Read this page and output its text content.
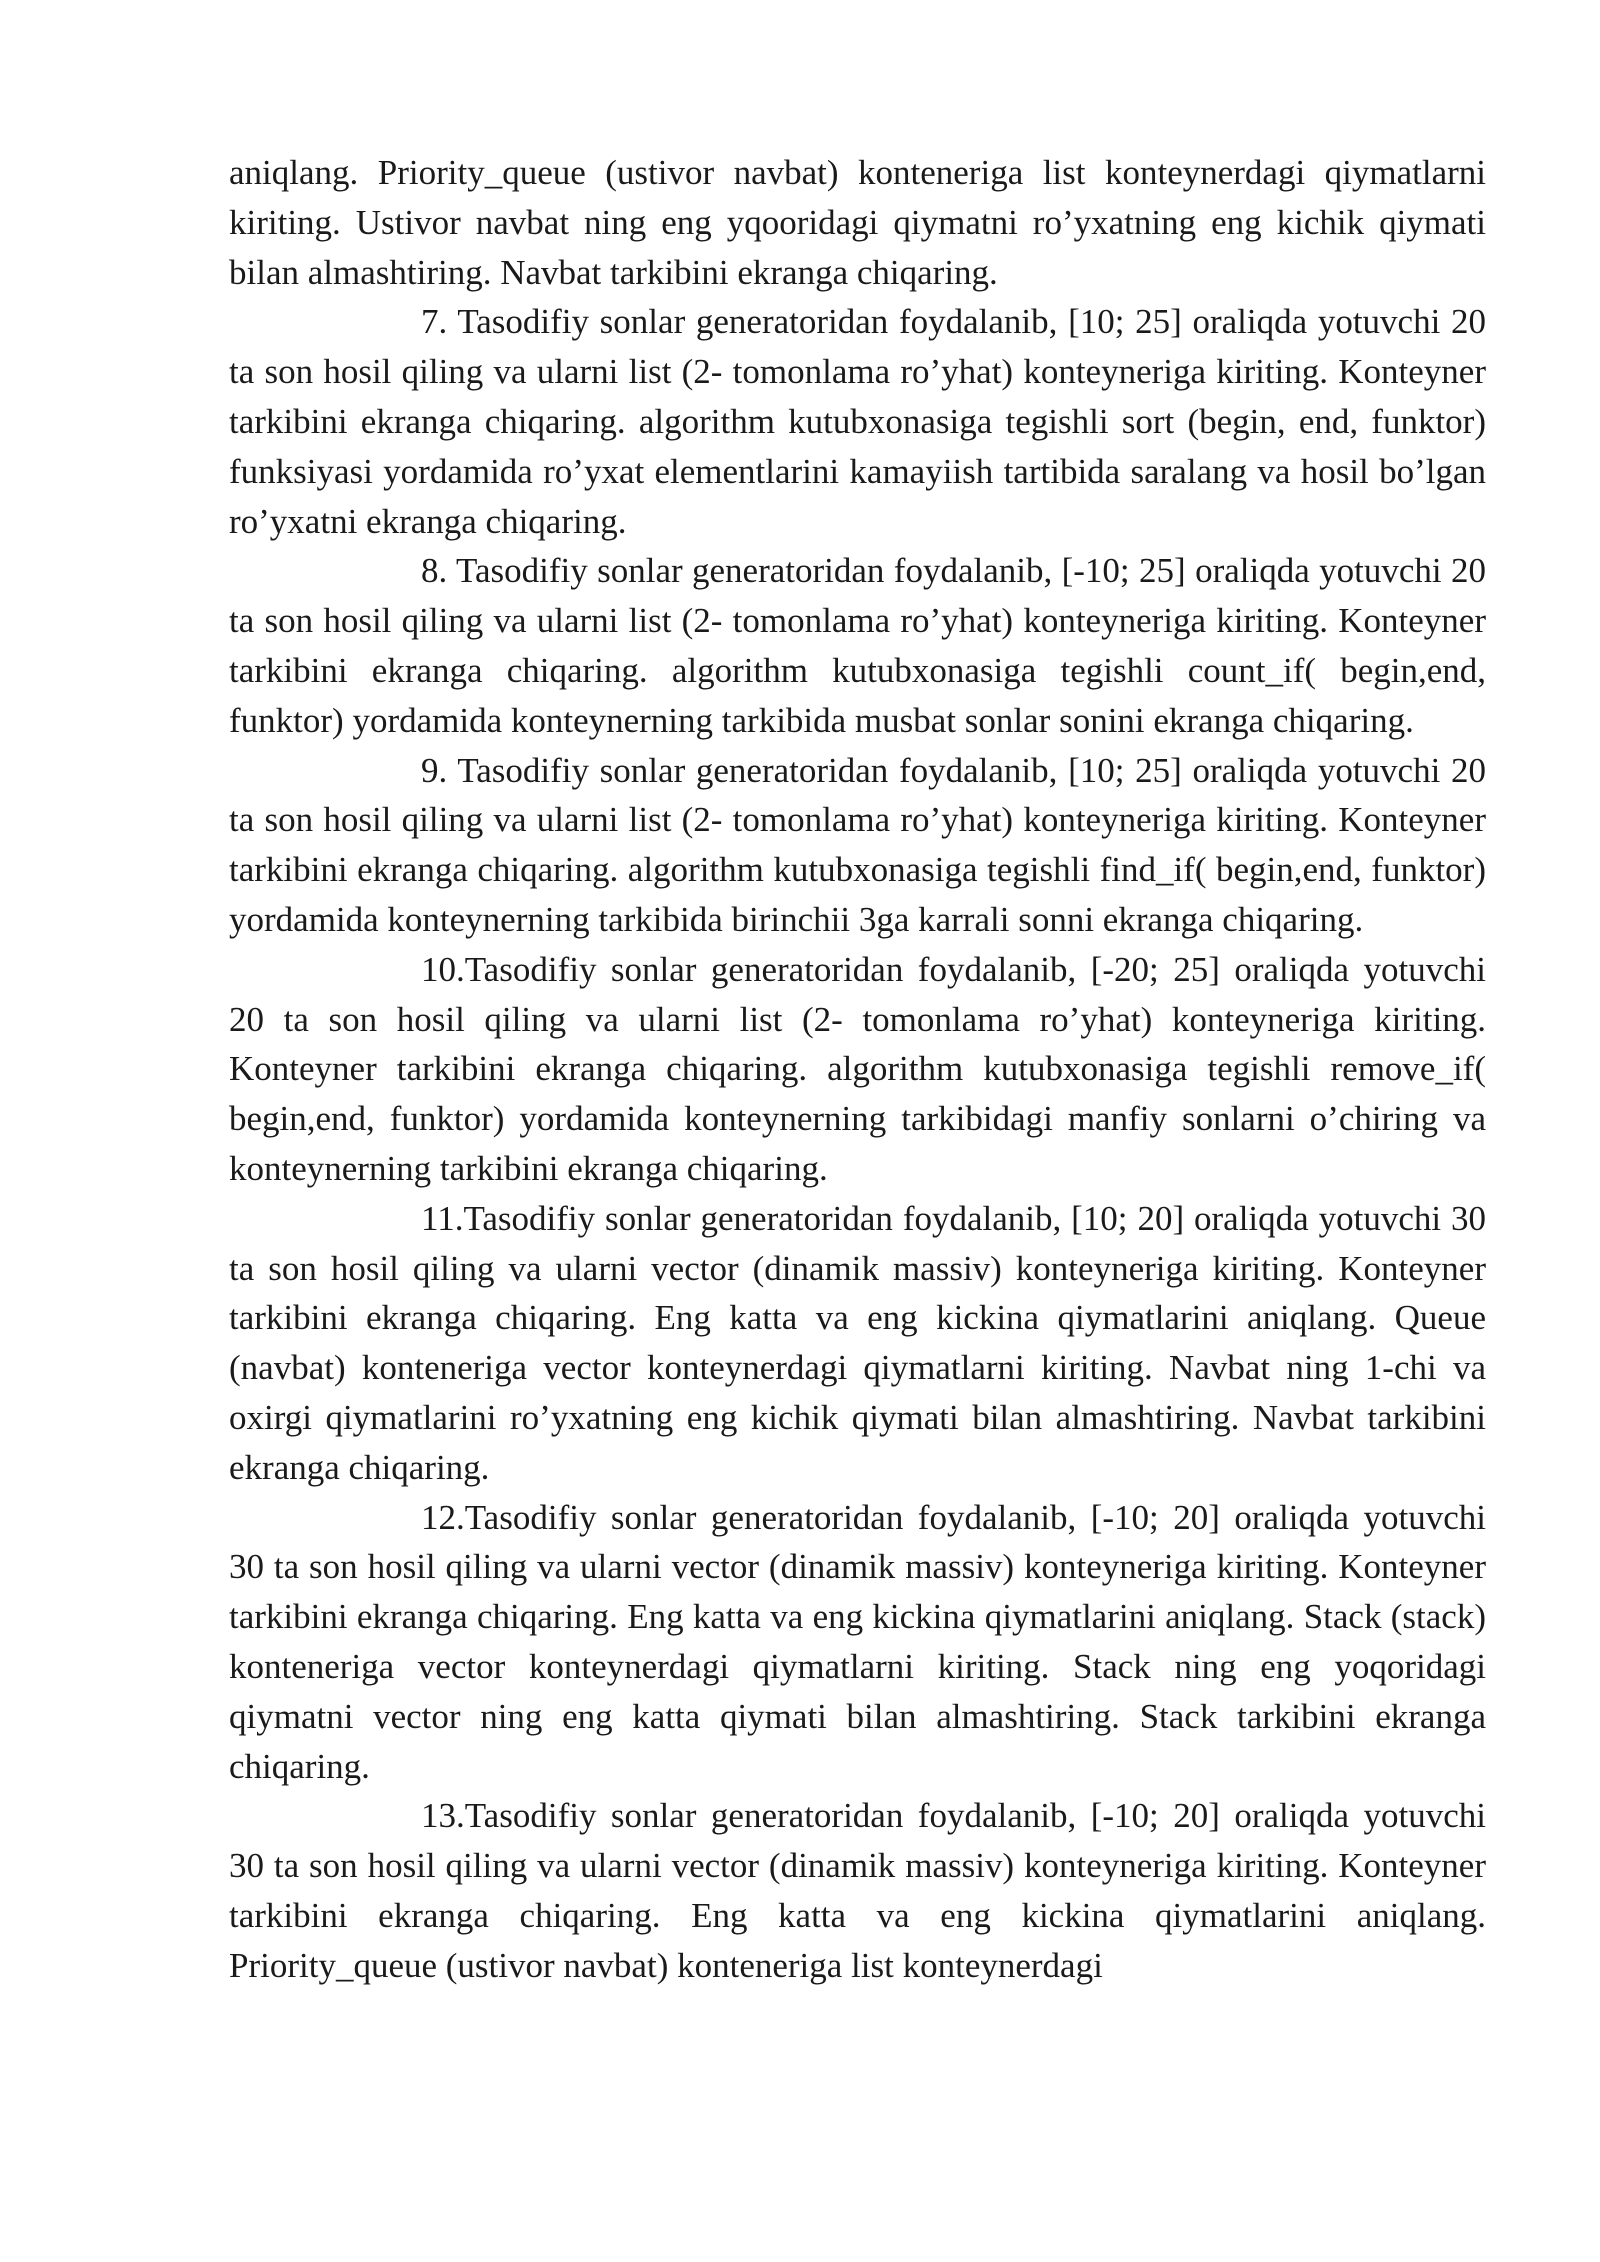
aniqlang. Priority_queue (ustivor navbat) konteneriga list konteynerdagi qiymatlarni kiriting. Ustivor navbat ning eng yqooridagi qiymatni ro’yxatning eng kichik qiymati bilan almashtiring. Navbat tarkibini ekranga chiqaring.

7. Tasodifiy sonlar generatoridan foydalanib, [10; 25] oraliqda yotuvchi 20 ta son hosil qiling va ularni list (2- tomonlama ro’yhat) konteyneriga kiriting. Konteyner tarkibini ekranga chiqaring. algorithm kutubxonasiga tegishli sort (begin, end, funktor) funksiyasi yordamida ro’yxat elementlarini kamayiish tartibida saralang va hosil bo’lgan ro’yxatni ekranga chiqaring.

8. Tasodifiy sonlar generatoridan foydalanib, [-10; 25] oraliqda yotuvchi 20 ta son hosil qiling va ularni list (2- tomonlama ro’yhat) konteyneriga kiriting. Konteyner tarkibini ekranga chiqaring. algorithm kutubxonasiga tegishli count_if( begin,end, funktor) yordamida konteynerning tarkibida musbat sonlar sonini ekranga chiqaring.

9. Tasodifiy sonlar generatoridan foydalanib, [10; 25] oraliqda yotuvchi 20 ta son hosil qiling va ularni list (2- tomonlama ro’yhat) konteyneriga kiriting. Konteyner tarkibini ekranga chiqaring. algorithm kutubxonasiga tegishli find_if( begin,end, funktor) yordamida konteynerning tarkibida birinchii 3ga karrali sonni ekranga chiqaring.

10.Tasodifiy sonlar generatoridan foydalanib, [-20; 25] oraliqda yotuvchi 20 ta son hosil qiling va ularni list (2- tomonlama ro’yhat) konteyneriga kiriting. Konteyner tarkibini ekranga chiqaring. algorithm kutubxonasiga tegishli remove_if( begin,end, funktor) yordamida konteynerning tarkibidagi manfiy sonlarni o’chiring va konteynerning tarkibini ekranga chiqaring.

11.Tasodifiy sonlar generatoridan foydalanib, [10; 20] oraliqda yotuvchi 30 ta son hosil qiling va ularni vector (dinamik massiv) konteyneriga kiriting. Konteyner tarkibini ekranga chiqaring. Eng katta va eng kickina qiymatlarini aniqlang. Queue (navbat) konteneriga vector konteynerdagi qiymatlarni kiriting. Navbat ning 1-chi va oxirgi qiymatlarini ro’yxatning eng kichik qiymati bilan almashtiring. Navbat tarkibini ekranga chiqaring.

12.Tasodifiy sonlar generatoridan foydalanib, [-10; 20] oraliqda yotuvchi 30 ta son hosil qiling va ularni vector (dinamik massiv) konteyneriga kiriting. Konteyner tarkibini ekranga chiqaring. Eng katta va eng kickina qiymatlarini aniqlang. Stack (stack) konteneriga vector konteynerdagi qiymatlarni kiriting. Stack ning eng yoqoridagi qiymatni vector ning eng katta qiymati bilan almashtiring. Stack tarkibini ekranga chiqaring.

13.Tasodifiy sonlar generatoridan foydalanib, [-10; 20] oraliqda yotuvchi 30 ta son hosil qiling va ularni vector (dinamik massiv) konteyneriga kiriting. Konteyner tarkibini ekranga chiqaring. Eng katta va eng kickina qiymatlarini aniqlang. Priority_queue (ustivor navbat) konteneriga list konteynerdagi
